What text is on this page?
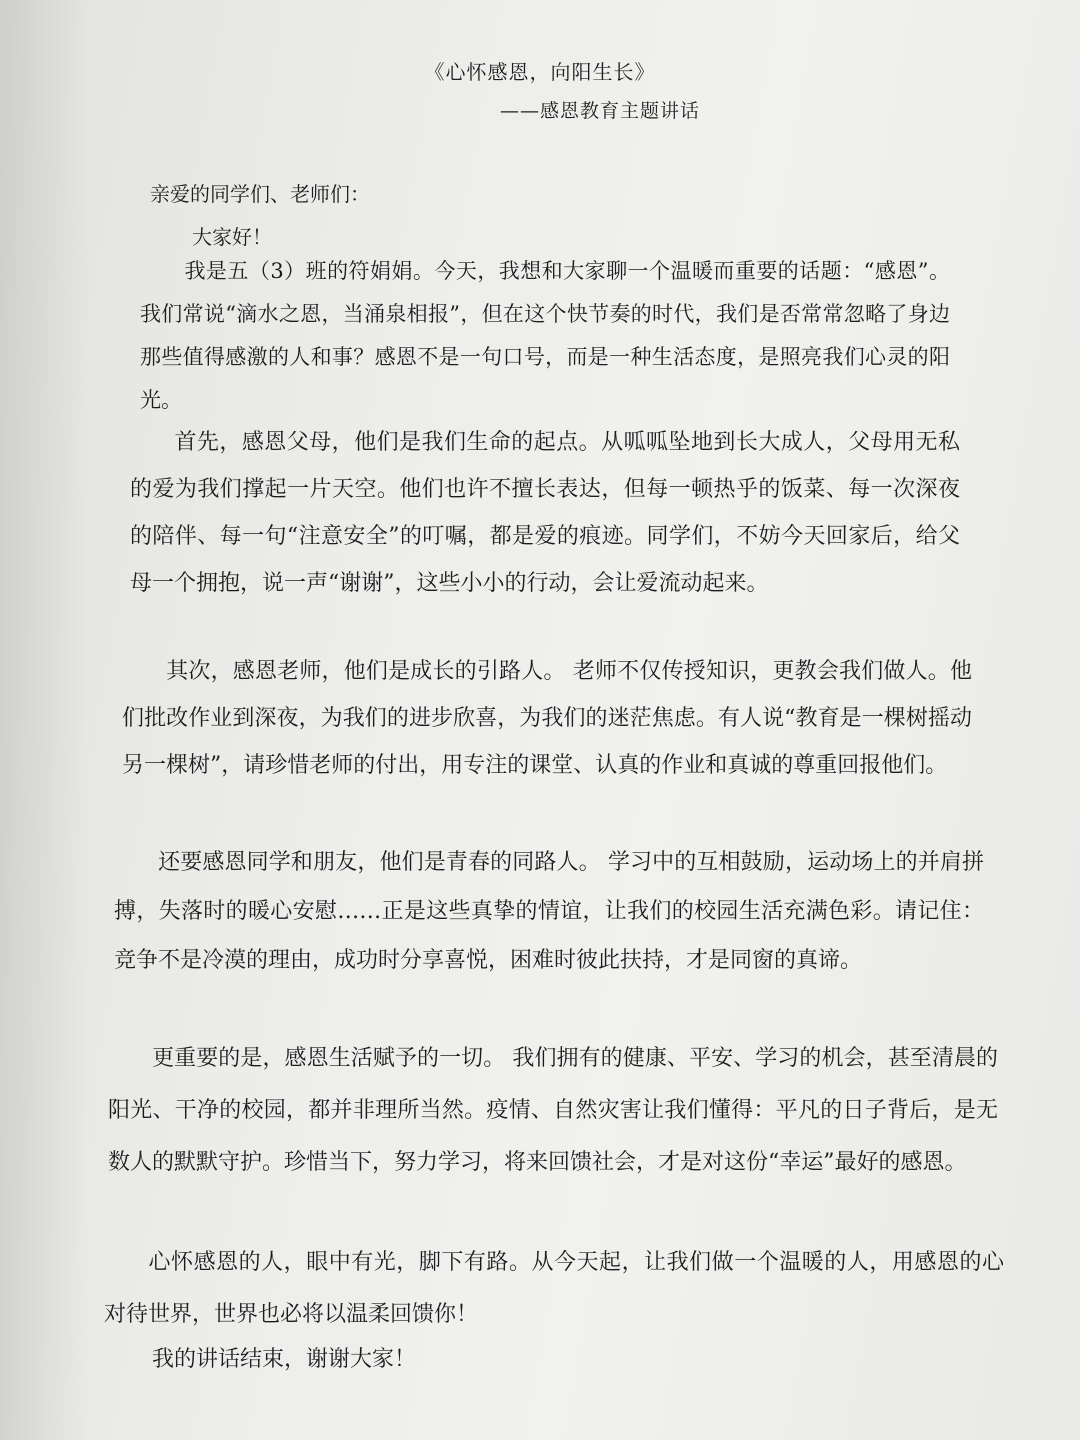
《心怀感恩，向阳生长》
——感恩教育主题讲话
亲爱的同学们、老师们：
大家好！

我是五（3）班的符娟娟。今天，我想和大家聊一个温暖而重要的话题：“感恩”。我们常说“滴水之恩，当涌泉相报”，但在这个快节奏的时代，我们是否常常忽略了身边那些值得感激的人和事？感恩不是一句口号，而是一种生活态度，是照亮我们心灵的阳光。

首先，感恩父母，他们是我们生命的起点。从呱呱坠地到长大成人，父母用无私的爱为我们撑起一片天空。他们也许不擅长表达，但每一顿热乎的饭菜、每一次深夜的陪伴、每一句“注意安全”的叮嘱，都是爱的痕迹。同学们，不妨今天回家后，给父母一个拥抱，说一声“谢谢”，这些小小的行动，会让爱流动起来。

其次，感恩老师，他们是成长的引路人。 老师不仅传授知识，更教会我们做人。他们批改作业到深夜，为我们的进步欣喜，为我们的迷茫焦虑。有人说“教育是一棵树摇动另一棵树”，请珍惜老师的付出，用专注的课堂、认真的作业和真诚的尊重回报他们。

还要感恩同学和朋友，他们是青春的同路人。 学习中的互相鼓励，运动场上的并肩拼搏，失落时的暖心安慰……正是这些真挚的情谊，让我们的校园生活充满色彩。请记住：竞争不是冷漠的理由，成功时分享喜悦，困难时彼此扶持，才是同窗的真谛。

更重要的是，感恩生活赋予的一切。 我们拥有的健康、平安、学习的机会，甚至清晨的阳光、干净的校园，都并非理所当然。疫情、自然灾害让我们懂得：平凡的日子背后，是无数人的默默守护。珍惜当下，努力学习，将来回馈社会，才是对这份“幸运”最好的感恩。

心怀感恩的人，眼中有光，脚下有路。从今天起，让我们做一个温暖的人，用感恩的心对待世界，世界也必将以温柔回馈你！

我的讲话结束，谢谢大家！
